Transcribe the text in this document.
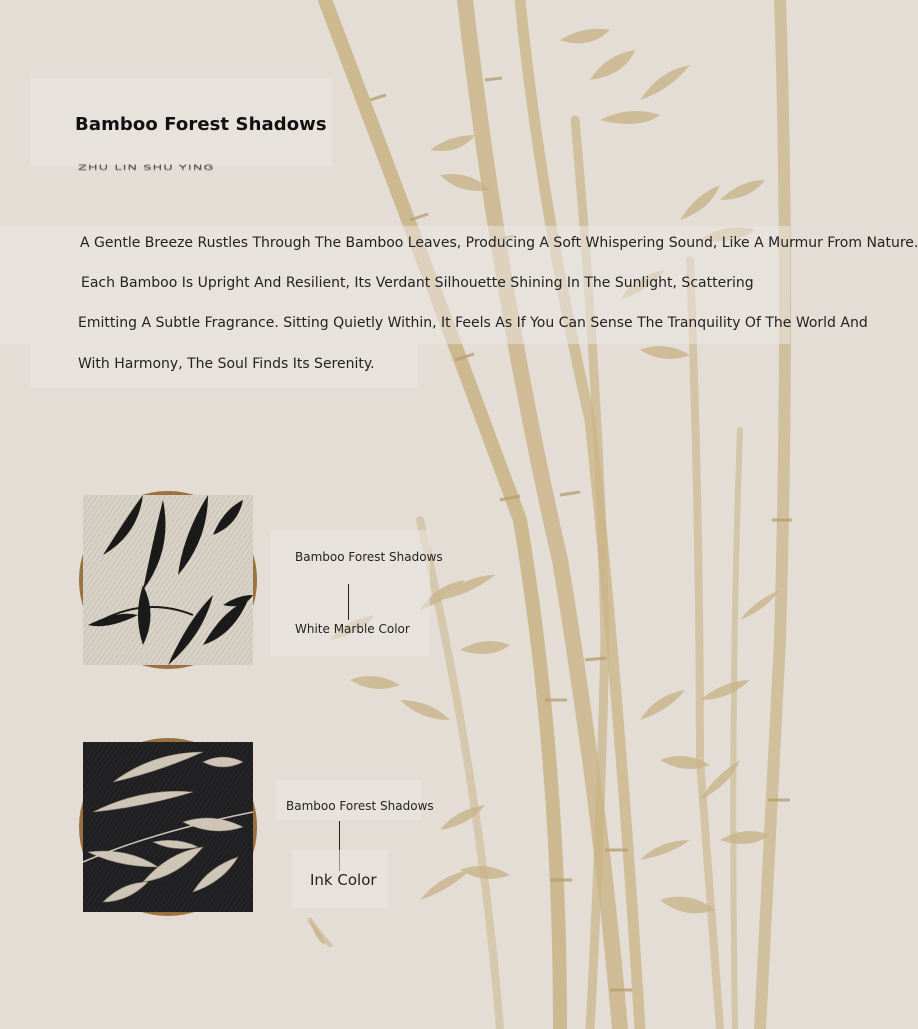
Bamboo Forest Shadows
ZHU LIN SHU YING
A Gentle Breeze Rustles Through The Bamboo Leaves, Producing A Soft Whispering Sound, Like A Murmur From Nature.
Each Bamboo Is Upright And Resilient, Its Verdant Silhouette Shining In The Sunlight, Scattering
Emitting A Subtle Fragrance. Sitting Quietly Within, It Feels As If You Can Sense The Tranquility Of The World And
With Harmony, The Soul Finds Its Serenity.
Bamboo Forest Shadows
White Marble Color
Bamboo Forest Shadows
Ink Color
